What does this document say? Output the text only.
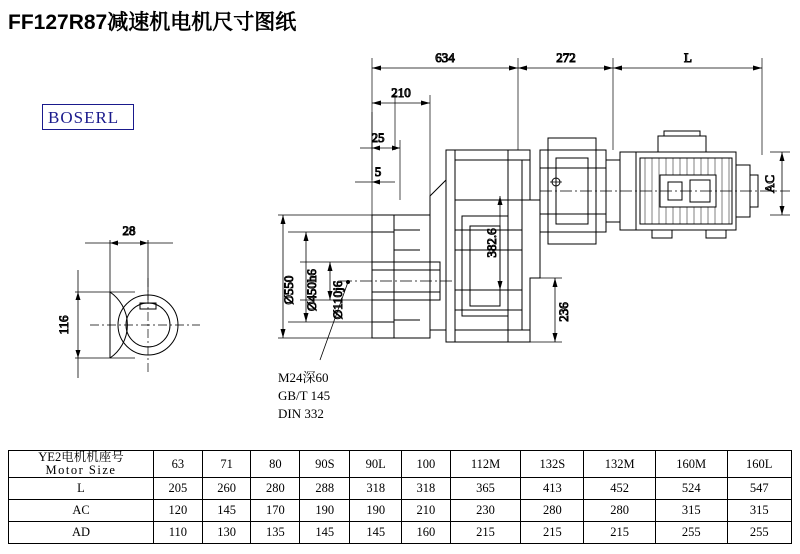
FF127R87减速机电机尺寸图纸
BOSERL
28
116
634	272	L
210
25
5
Ø550 Ø450h6 Ø110j6
382.6
236
AC
M24深60
GB/T 145
DIN 332
YE2电机机座号
Motor Size	63	71	80	90S	90L	100	112M	132S	132M	160M	160L
L	205	260	280	288	318	318	365	413	452	524	547
AC	120	145	170	190	190	210	230	280	280	315	315
AD	110	130	135	145	145	160	215	215	215	255	255
